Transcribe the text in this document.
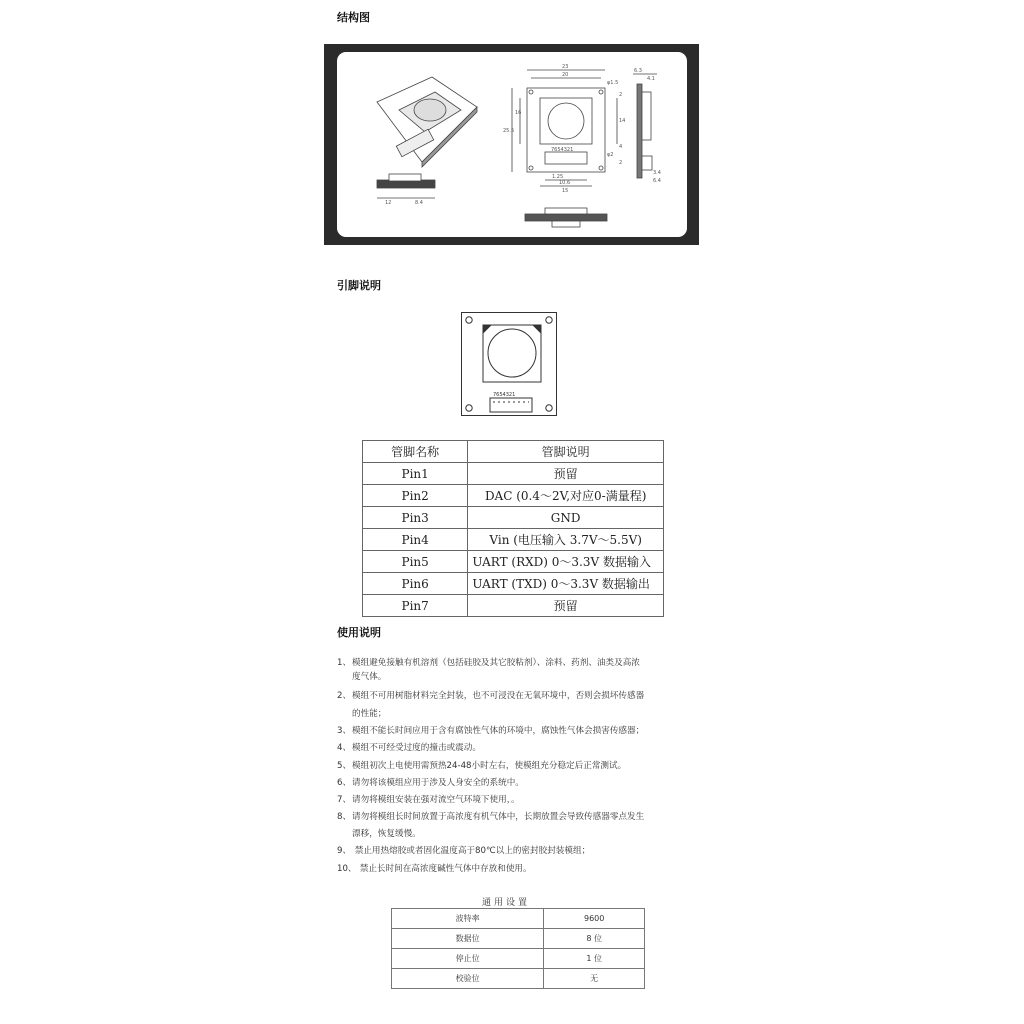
结构图
23
20
φ1.5
φ2
25.5
16
14
2
4
2
1.25
10.6
15
7654321
6.3
4.1
3.4
6.4
12	8.4
引脚说明
7654321
管脚名称	管脚说明
Pin1	预留
Pin2	DAC (0.4～2V,对应0-满量程)
Pin3	GND
Pin4	Vin (电压输入 3.7V～5.5V)
Pin5	UART (RXD) 0～3.3V 数据输入
Pin6	UART (TXD) 0～3.3V 数据输出
Pin7	预留
使用说明
1、模组避免接触有机溶剂（包括硅胶及其它胶粘剂）、涂料、药剂、油类及高浓
度气体。
2、模组不可用树脂材料完全封装，也不可浸没在无氧环境中，否则会损坏传感器
的性能；
3、模组不能长时间应用于含有腐蚀性气体的环境中，腐蚀性气体会损害传感器；
4、模组不可经受过度的撞击或震动。
5、模组初次上电使用需预热24-48小时左右，使模组充分稳定后正常测试。
6、请勿将该模组应用于涉及人身安全的系统中。
7、请勿将模组安装在强对流空气环境下使用，。
8、请勿将模组长时间放置于高浓度有机气体中，长期放置会导致传感器零点发生
漂移，恢复缓慢。
9、 禁止用热熔胶或者固化温度高于80℃以上的密封胶封装模组；
10、 禁止长时间在高浓度碱性气体中存放和使用。
通用设置
波特率	9600
数据位	8 位
停止位	1 位
校验位	无
